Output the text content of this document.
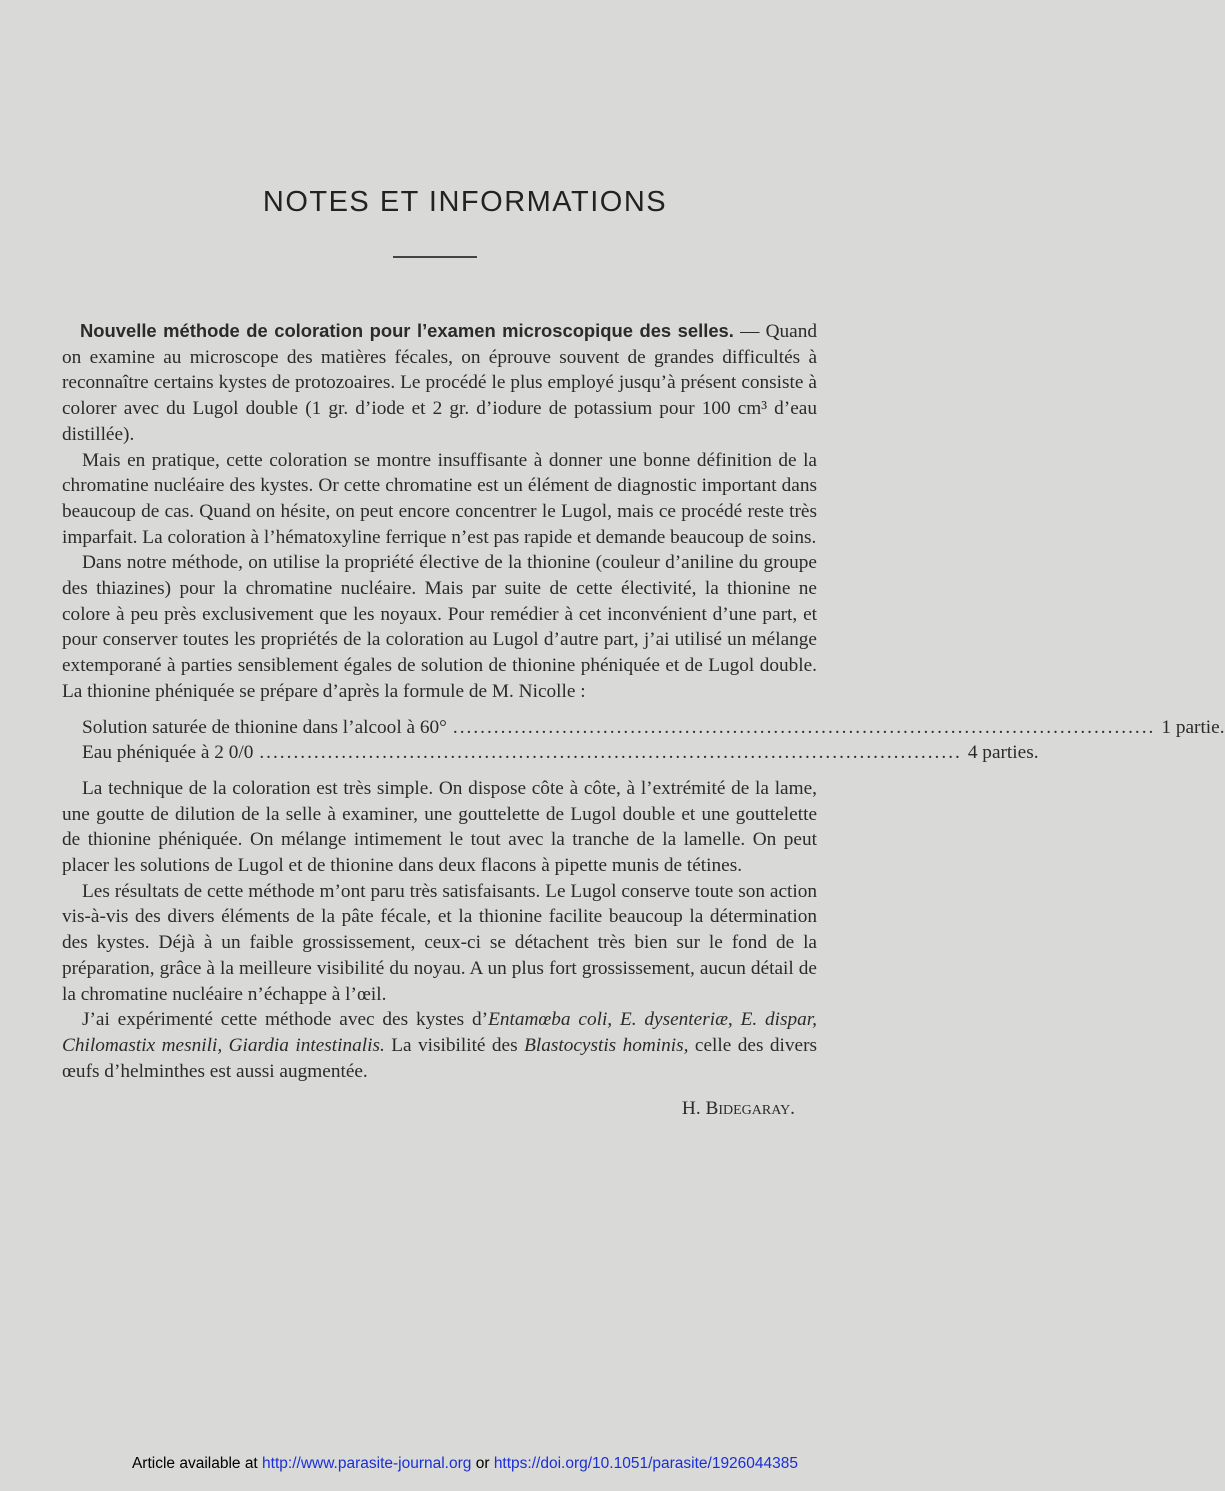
NOTES ET INFORMATIONS

Nouvelle méthode de coloration pour l’examen microscopique des selles. — Quand on examine au microscope des matières fécales, on éprouve souvent de grandes difficultés à reconnaître certains kystes de protozoaires. Le procédé le plus employé jusqu’à présent consiste à colorer avec du Lugol double (1 gr. d’iode et 2 gr. d’iodure de potassium pour 100 cm³ d’eau distillée).

Mais en pratique, cette coloration se montre insuffisante à donner une bonne définition de la chromatine nucléaire des kystes. Or cette chromatine est un élément de diagnostic important dans beaucoup de cas. Quand on hésite, on peut encore concentrer le Lugol, mais ce procédé reste très imparfait. La coloration à l’hématoxyline ferrique n’est pas rapide et demande beaucoup de soins.

Dans notre méthode, on utilise la propriété élective de la thionine (couleur d’aniline du groupe des thiazines) pour la chromatine nucléaire. Mais par suite de cette électivité, la thionine ne colore à peu près exclusivement que les noyaux. Pour remédier à cet inconvénient d’une part, et pour conserver toutes les propriétés de la coloration au Lugol d’autre part, j’ai utilisé un mélange extemporané à parties sensiblement égales de solution de thionine phéniquée et de Lugol double. La thionine phéniquée se prépare d’après la formule de M. Nicolle :

Solution saturée de thionine dans l’alcool à 60° ....................................................................................................... 1 partie.
Eau phéniquée à 2 0/0 ....................................................................................................... 4 parties.

La technique de la coloration est très simple. On dispose côte à côte, à l’extrémité de la lame, une goutte de dilution de la selle à examiner, une gouttelette de Lugol double et une gouttelette de thionine phéniquée. On mélange intimement le tout avec la tranche de la lamelle. On peut placer les solutions de Lugol et de thionine dans deux flacons à pipette munis de tétines.

Les résultats de cette méthode m’ont paru très satisfaisants. Le Lugol conserve toute son action vis-à-vis des divers éléments de la pâte fécale, et la thionine facilite beaucoup la détermination des kystes. Déjà à un faible grossissement, ceux-ci se détachent très bien sur le fond de la préparation, grâce à la meilleure visibilité du noyau. A un plus fort grossissement, aucun détail de la chromatine nucléaire n’échappe à l’œil.

J’ai expérimenté cette méthode avec des kystes d’Entamœba coli, E. dysenteriæ, E. dispar, Chilomastix mesnili, Giardia intestinalis. La visibilité des Blastocystis hominis, celle des divers œufs d’helminthes est aussi augmentée.

H. Bidegaray.
Article available at http://www.parasite-journal.org or https://doi.org/10.1051/parasite/1926044385
